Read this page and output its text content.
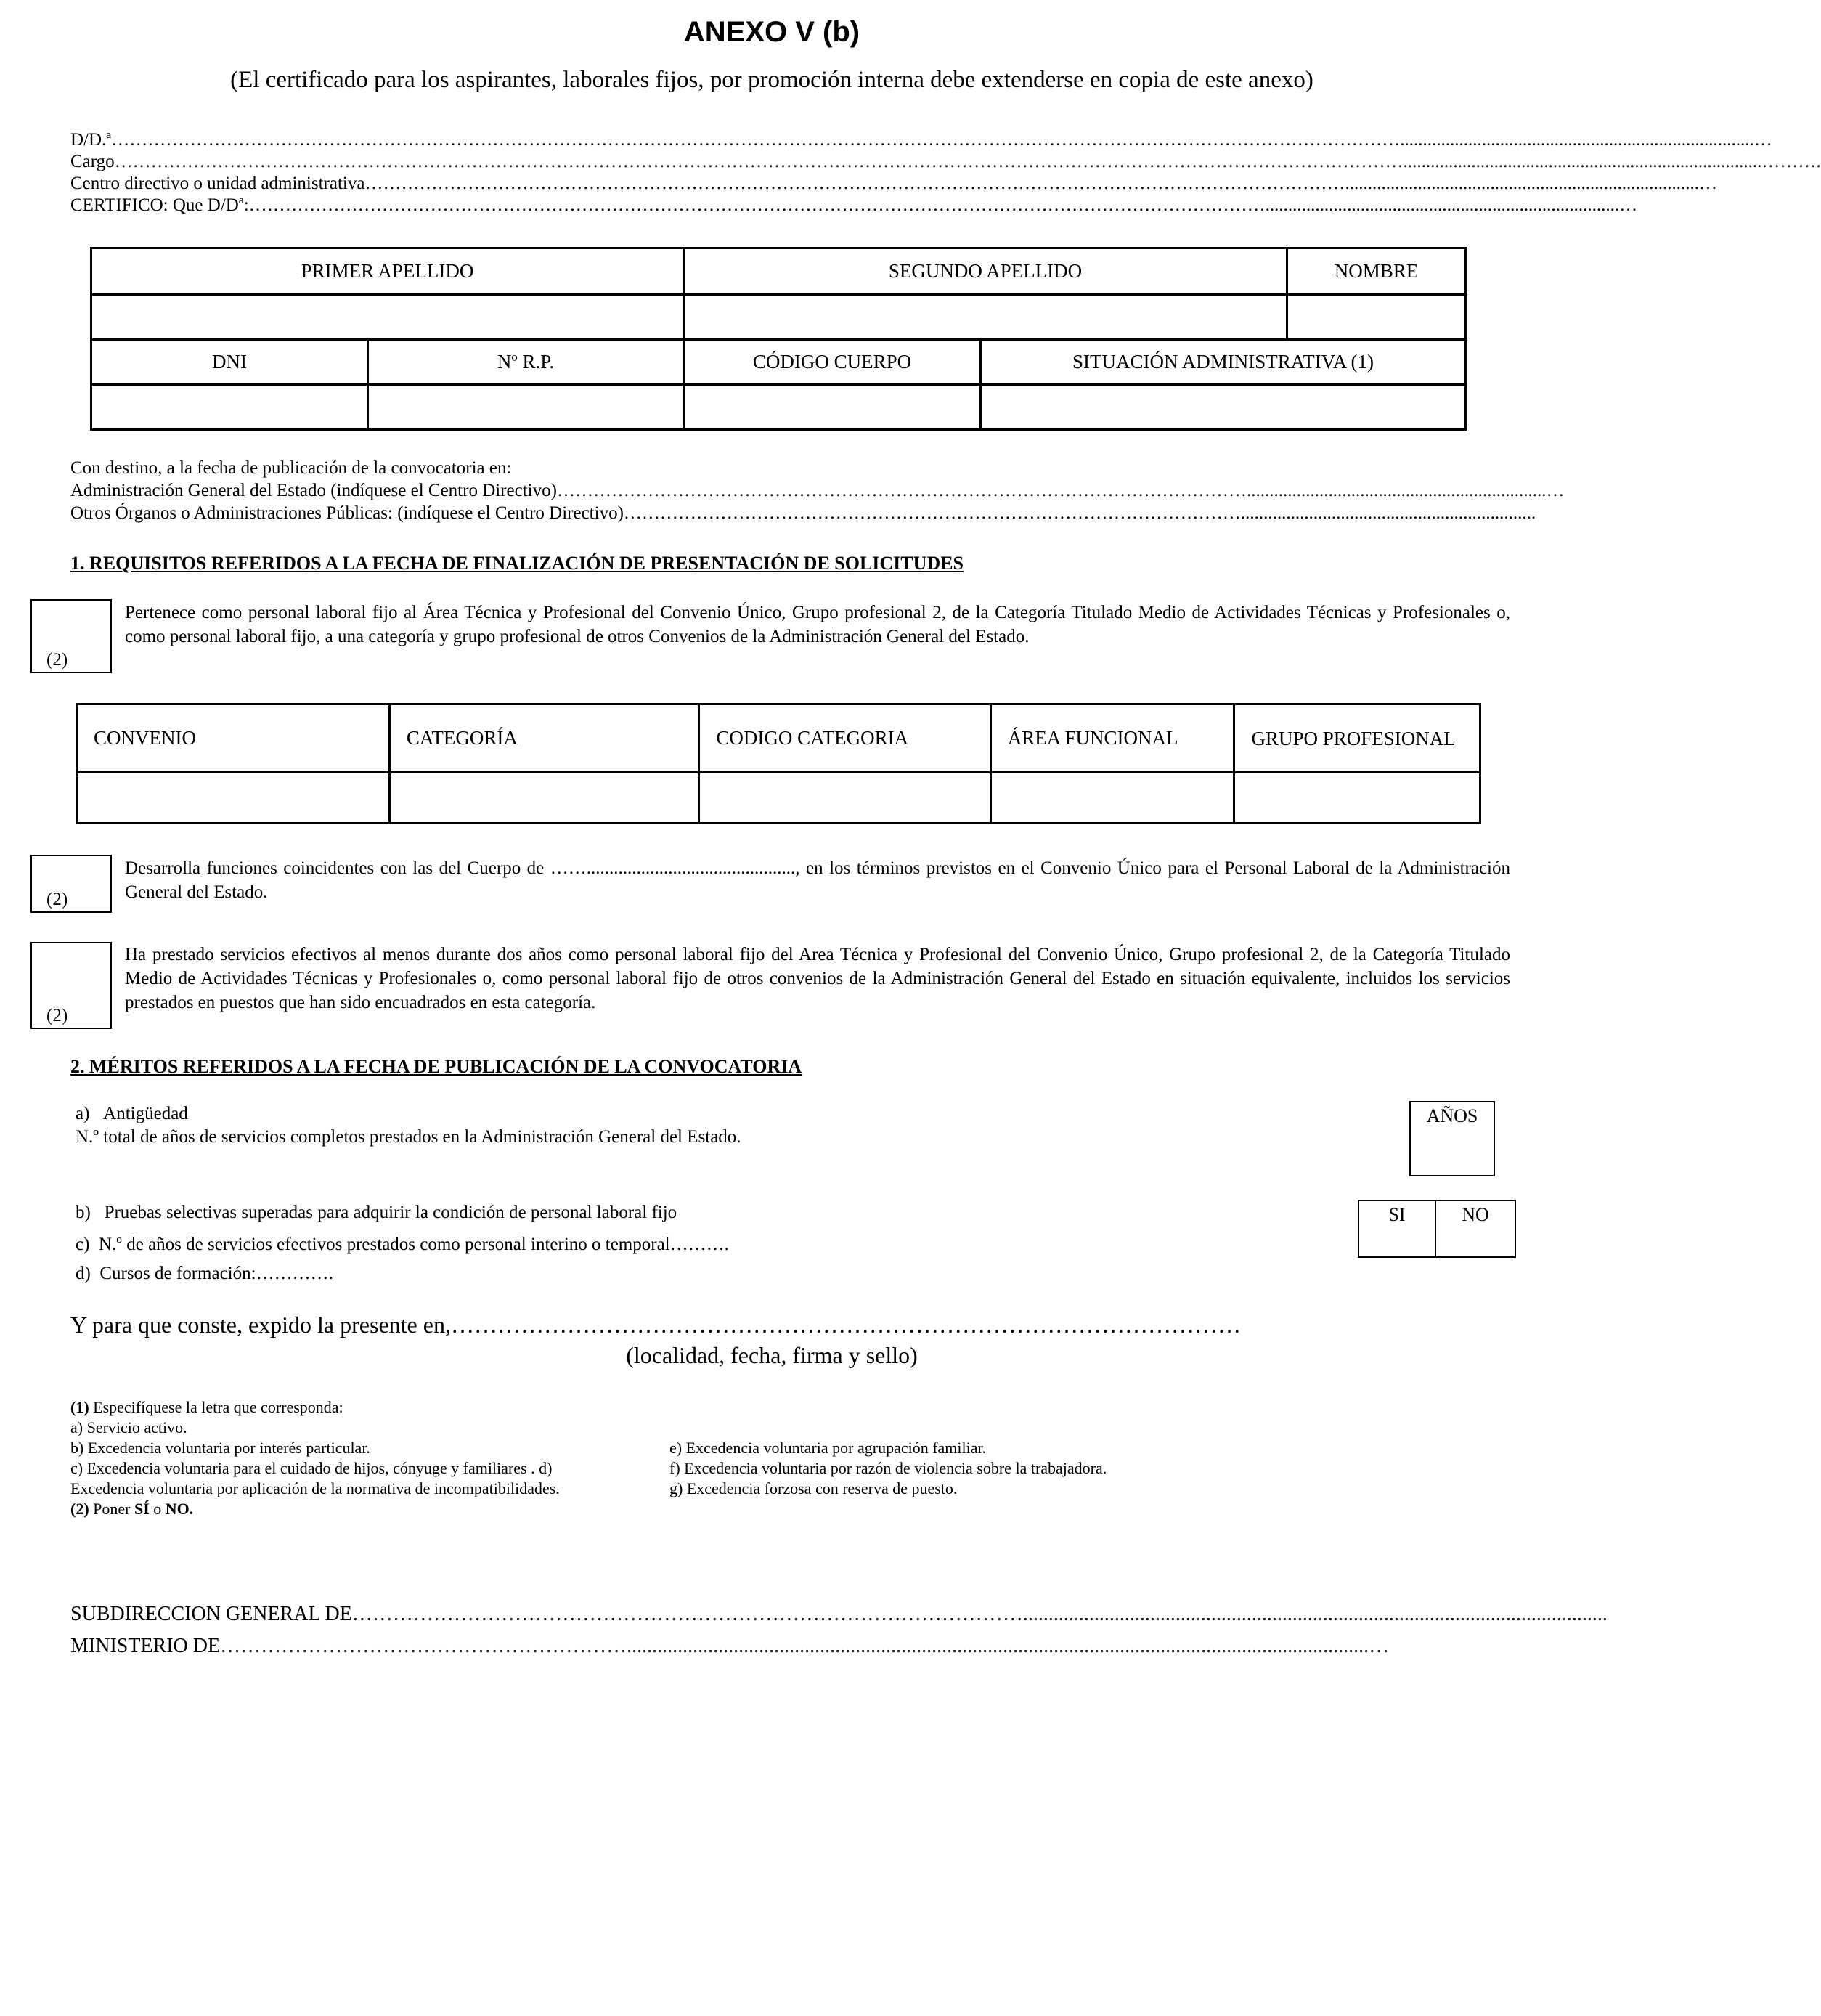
ANEXO V (b)
(El certificado para los aspirantes, laborales fijos, por promoción interna debe extenderse en copia de este anexo)
D/D.ª……………………………………………………………………………………………………………………………………………………………………………………………..............................................................................…
Cargo……………………………………………………………………………………………………………………………………………………………………………………………...............................................................................……….
Centro directivo o unidad administrativa………………………………………………………………………………………………………………………………………………..............................................................................…
CERTIFICO: Que D/Dª:……………………………………………………………………………………………………………………………………………………..............................................................................…
PRIMER APELLIDO		SEGUNDO APELLIDO		NOMBRE

DNI	Nº R.P.	CÓDIGO CUERPO	SITUACIÓN ADMINISTRATIVA (1)	

Con destino, a la fecha de publicación de la convocatoria en:
Administración General del Estado (indíquese el Centro Directivo)……………………………………………………………………………………………………..................................................................…
Otros Órganos o Administraciones Públicas: (indíquese el Centro Directivo)………………………………………………………………………………………….................................................................
1. REQUISITOS REFERIDOS A LA FECHA DE FINALIZACIÓN DE PRESENTACIÓN DE SOLICITUDES
(2)
Pertenece como personal laboral fijo al Área Técnica y Profesional del Convenio Único, Grupo profesional 2, de la Categoría Titulado Medio de Actividades Técnicas y Profesionales o, como personal laboral fijo, a una categoría y grupo profesional de otros Convenios de la Administración General del Estado.
CONVENIO	CATEGORÍA	CODIGO CATEGORIA	ÁREA FUNCIONAL	GRUPO PROFESIONAL

(2)
Desarrolla funciones coincidentes con las del Cuerpo de …….............................................., en los términos previstos en el Convenio Único para el Personal Laboral de la Administración General del Estado.
(2)
Ha prestado servicios efectivos al menos durante dos años como personal laboral fijo del Area Técnica y Profesional del Convenio Único, Grupo profesional 2, de la Categoría Titulado Medio de Actividades Técnicas y Profesionales o, como personal laboral fijo de otros convenios de la Administración General del Estado en situación equivalente, incluidos los servicios prestados en puestos que han sido encuadrados en esta categoría.
2. MÉRITOS REFERIDOS A LA FECHA DE PUBLICACIÓN DE LA CONVOCATORIA
a) Antigüedad
N.º total de años de servicios completos prestados en la Administración General del Estado.
AÑOS
b) Pruebas selectivas superadas para adquirir la condición de personal laboral fijo	SI	NO
c) N.º de años de servicios efectivos prestados como personal interino o temporal……….
d) Cursos de formación:………….
Y para que conste, expido la presente en,…………………………………………………………………………………………
(localidad, fecha, firma y sello)
(1) Especifíquese la letra que corresponda:
a) Servicio activo.
b) Excedencia voluntaria por interés particular.
c) Excedencia voluntaria para el cuidado de hijos, cónyuge y familiares . d)
Excedencia voluntaria por aplicación de la normativa de incompatibilidades.
(2) Poner SÍ o NO.
e) Excedencia voluntaria por agrupación familiar.
f) Excedencia voluntaria por razón de violencia sobre la trabajadora.
g) Excedencia forzosa con reserva de puesto.
SUBDIRECCION GENERAL DE………………………………………………………………………………………...................................................................................................................
MINISTERIO DE……………………………………………………..................................................................................................................................................…
